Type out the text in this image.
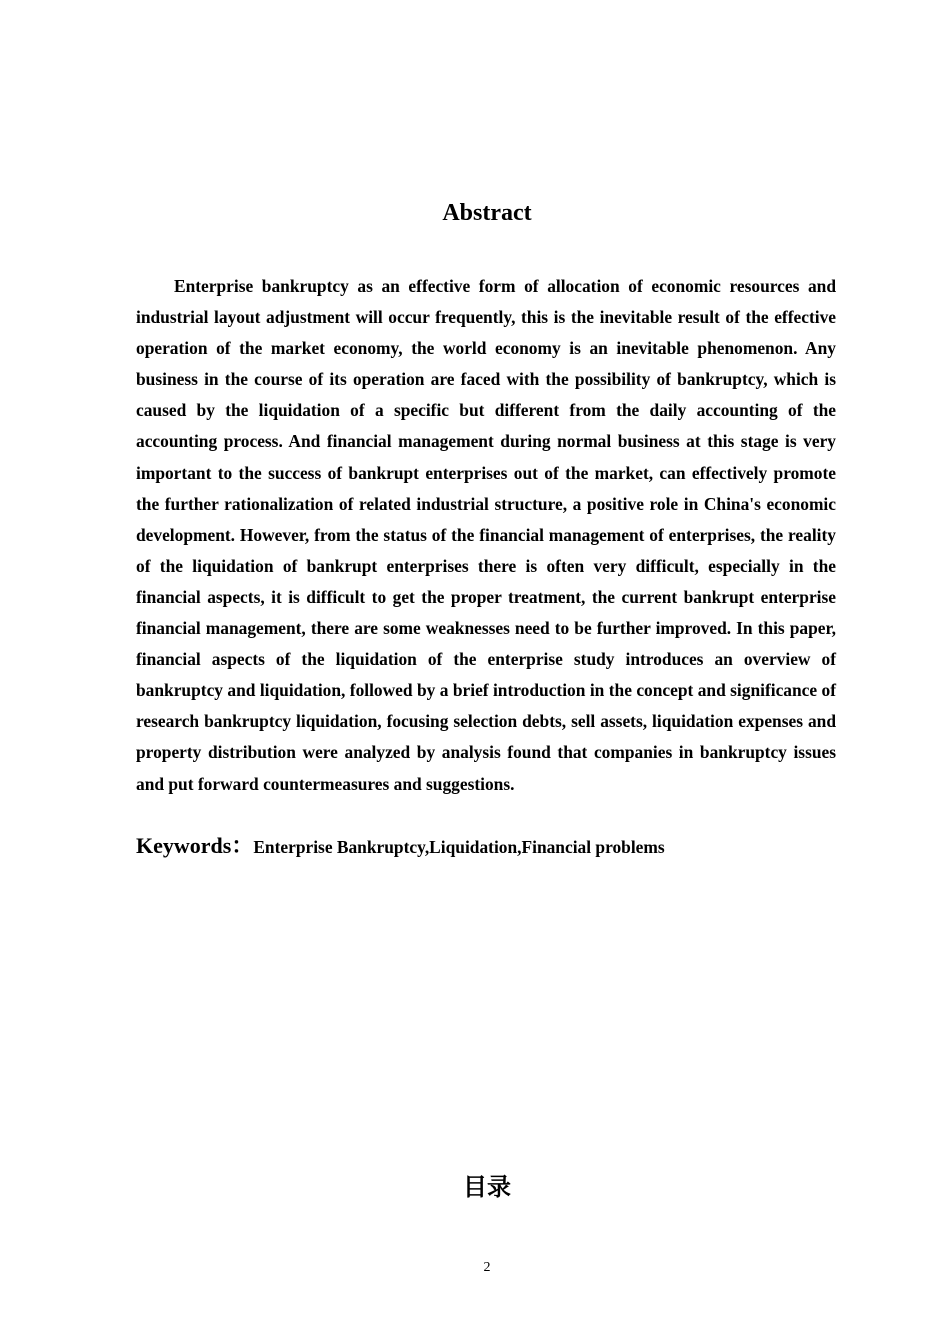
Abstract

Enterprise bankruptcy as an effective form of allocation of economic resources and industrial layout adjustment will occur frequently, this is the inevitable result of the effective operation of the market economy, the world economy is an inevitable phenomenon. Any business in the course of its operation are faced with the possibility of bankruptcy, which is caused by the liquidation of a specific but different from the daily accounting of the accounting process. And financial management during normal business at this stage is very important to the success of bankrupt enterprises out of the market, can effectively promote the further rationalization of related industrial structure, a positive role in China's economic development. However, from the status of the financial management of enterprises, the reality of the liquidation of bankrupt enterprises there is often very difficult, especially in the financial aspects, it is difficult to get the proper treatment, the current bankrupt enterprise financial management, there are some weaknesses need to be further improved. In this paper, financial aspects of the liquidation of the enterprise study introduces an overview of bankruptcy and liquidation, followed by a brief introduction in the concept and significance of research bankruptcy liquidation, focusing selection debts, sell assets, liquidation expenses and property distribution were analyzed by analysis found that companies in bankruptcy issues and put forward countermeasures and suggestions.

Keywords：Enterprise Bankruptcy,Liquidation,Financial problems

目录
2
